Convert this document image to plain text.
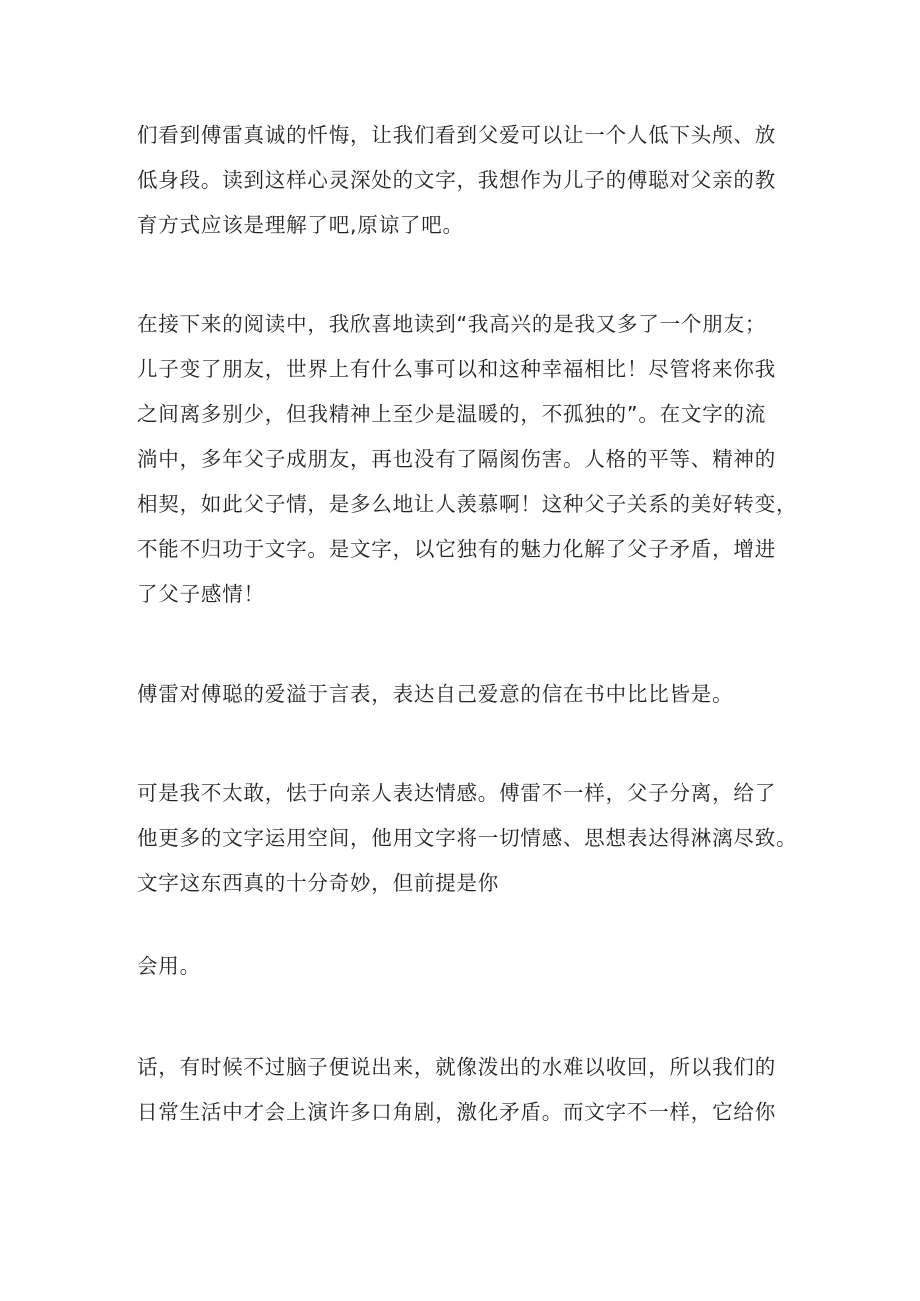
们看到傅雷真诚的忏悔，让我们看到父爱可以让一个人低下头颅、放

低身段。读到这样心灵深处的文字，我想作为儿子的傅聪对父亲的教

育方式应该是理解了吧,原谅了吧。

在接下来的阅读中，我欣喜地读到“我高兴的是我又多了一个朋友；

儿子变了朋友，世界上有什么事可以和这种幸福相比！尽管将来你我

之间离多别少，但我精神上至少是温暖的，不孤独的”。在文字的流

淌中，多年父子成朋友，再也没有了隔阂伤害。人格的平等、精神的

相契，如此父子情，是多么地让人羡慕啊！这种父子关系的美好转变，

不能不归功于文字。是文字，以它独有的魅力化解了父子矛盾，增进

了父子感情！

傅雷对傅聪的爱溢于言表，表达自己爱意的信在书中比比皆是。

可是我不太敢，怯于向亲人表达情感。傅雷不一样，父子分离，给了

他更多的文字运用空间，他用文字将一切情感、思想表达得淋漓尽致。

文字这东西真的十分奇妙，但前提是你

会用。

话，有时候不过脑子便说出来，就像泼出的水难以收回，所以我们的

日常生活中才会上演许多口角剧，激化矛盾。而文字不一样，它给你
